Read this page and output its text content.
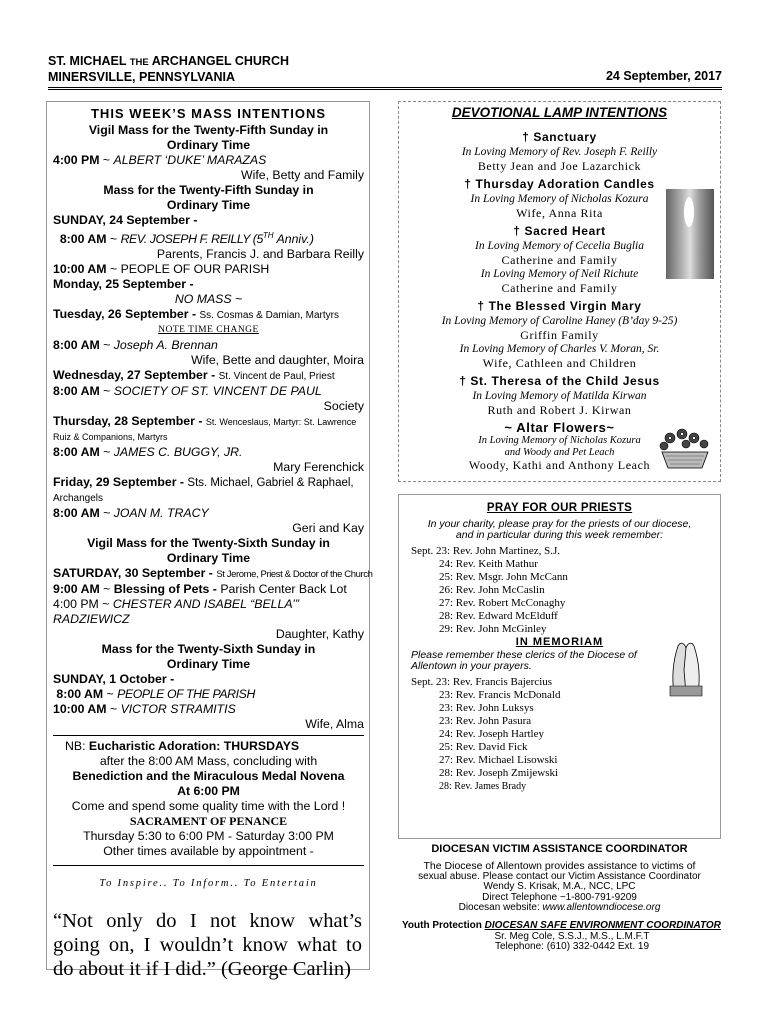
ST. MICHAEL THE ARCHANGEL CHURCH
MINERSVILLE, PENNSYLVANIA	24 September, 2017
THIS WEEK’S MASS INTENTIONS
Vigil Mass for the Twenty-Fifth Sunday in
Ordinary Time
4:00 PM ~ ALBERT ‘DUKE’ MARAZAS
Wife, Betty and Family
Mass for the Twenty-Fifth Sunday in
Ordinary Time
SUNDAY, 24 September -
8:00 AM ~ REV. JOSEPH F. REILLY (5TH Anniv.)
Parents, Francis J. and Barbara Reilly
10:00 AM ~ PEOPLE OF OUR PARISH
Monday, 25 September -
NO MASS ~
Tuesday, 26 September - Ss. Cosmas & Damian, Martyrs
NOTE TIME CHANGE
8:00 AM ~ Joseph A. Brennan
Wife, Bette and daughter, Moira
Wednesday, 27 September - St. Vincent de Paul, Priest
8:00 AM ~ SOCIETY OF ST. VINCENT DE PAUL
Society
Thursday, 28 September - St. Wenceslaus, Martyr: St. Lawrence
Ruiz & Companions, Martyrs
8:00 AM ~ JAMES C. BUGGY, JR.
Mary Ferenchick
Friday, 29 September - Sts. Michael, Gabriel & Raphael,
Archangels
8:00 AM ~ JOAN M. TRACY
Geri and Kay
Vigil Mass for the Twenty-Sixth Sunday in
Ordinary Time
SATURDAY, 30 September - St Jerome, Priest & Doctor of the Church
9:00 AM ~ Blessing of Pets - Parish Center Back Lot
4:00 PM ~ CHESTER AND ISABEL “BELLA’”
RADZIEWICZ
Daughter, Kathy
Mass for the Twenty-Sixth Sunday in
Ordinary Time
SUNDAY, 1 October -
8:00 AM ~ PEOPLE OF THE PARISH
10:00 AM ~ VICTOR STRAMITIS
Wife, Alma
NB: Eucharistic Adoration: THURSDAYS
after the 8:00 AM Mass, concluding with
Benediction and the Miraculous Medal Novena
At 6:00 PM
Come and spend some quality time with the Lord !
SACRAMENT OF PENANCE
Thursday 5:30 to 6:00 PM - Saturday 3:00 PM
Other times available by appointment -
To Inspire.. To Inform.. To Entertain
“Not only do I not know what’s going on, I wouldn’t know what to do about it if I did.” (George Carlin)
DEVOTIONAL LAMP INTENTIONS
† Sanctuary
In Loving Memory of Rev. Joseph F. Reilly
Betty Jean and Joe Lazarchick
† Thursday Adoration Candles
In Loving Memory of Nicholas Kozura
Wife, Anna Rita
† Sacred Heart
In Loving Memory of Cecelia Buglia
Catherine and Family
In Loving Memory of Neil Richute
Catherine and Family
† The Blessed Virgin Mary
In Loving Memory of Caroline Haney (B’day 9-25)
Griffin Family
In Loving Memory of Charles V. Moran, Sr.
Wife, Cathleen and Children
† St. Theresa of the Child Jesus
In Loving Memory of Matilda Kirwan
Ruth and Robert J. Kirwan
~ Altar Flowers~
In Loving Memory of Nicholas Kozura
and Woody and Pet Leach
Woody, Kathi and Anthony Leach
PRAY FOR OUR PRIESTS
In your charity, please pray for the priests of our diocese, and in particular during this week remember:
Sept. 23: Rev. John Martinez, S.J.
24: Rev. Keith Mathur
25: Rev. Msgr. John McCann
26: Rev. John McCaslin
27: Rev. Robert McConaghy
28: Rev. Edward McElduff
29: Rev. John McGinley
IN MEMORIAM
Please remember these clerics of the Diocese of Allentown in your prayers.
Sept. 23: Rev. Francis Bajercius
23: Rev. Francis McDonald
23: Rev. John Luksys
23: Rev. John Pasura
24: Rev. Joseph Hartley
25: Rev. David Fick
27: Rev. Michael Lisowski
28: Rev. Joseph Zmijewski
28: Rev. James Brady
DIOCESAN VICTIM ASSISTANCE COORDINATOR
The Diocese of Allentown provides assistance to victims of
sexual abuse. Please contact our Victim Assistance Coordinator
Wendy S. Krisak, M.A., NCC, LPC
Direct Telephone ~1-800-791-9209
Diocesan website: www.allentowndiocese.org
Youth Protection DIOCESAN SAFE ENVIRONMENT COORDINATOR
Sr. Meg Cole, S.S.J., M.S., L.M.F.T
Telephone: (610) 332-0442 Ext. 19
